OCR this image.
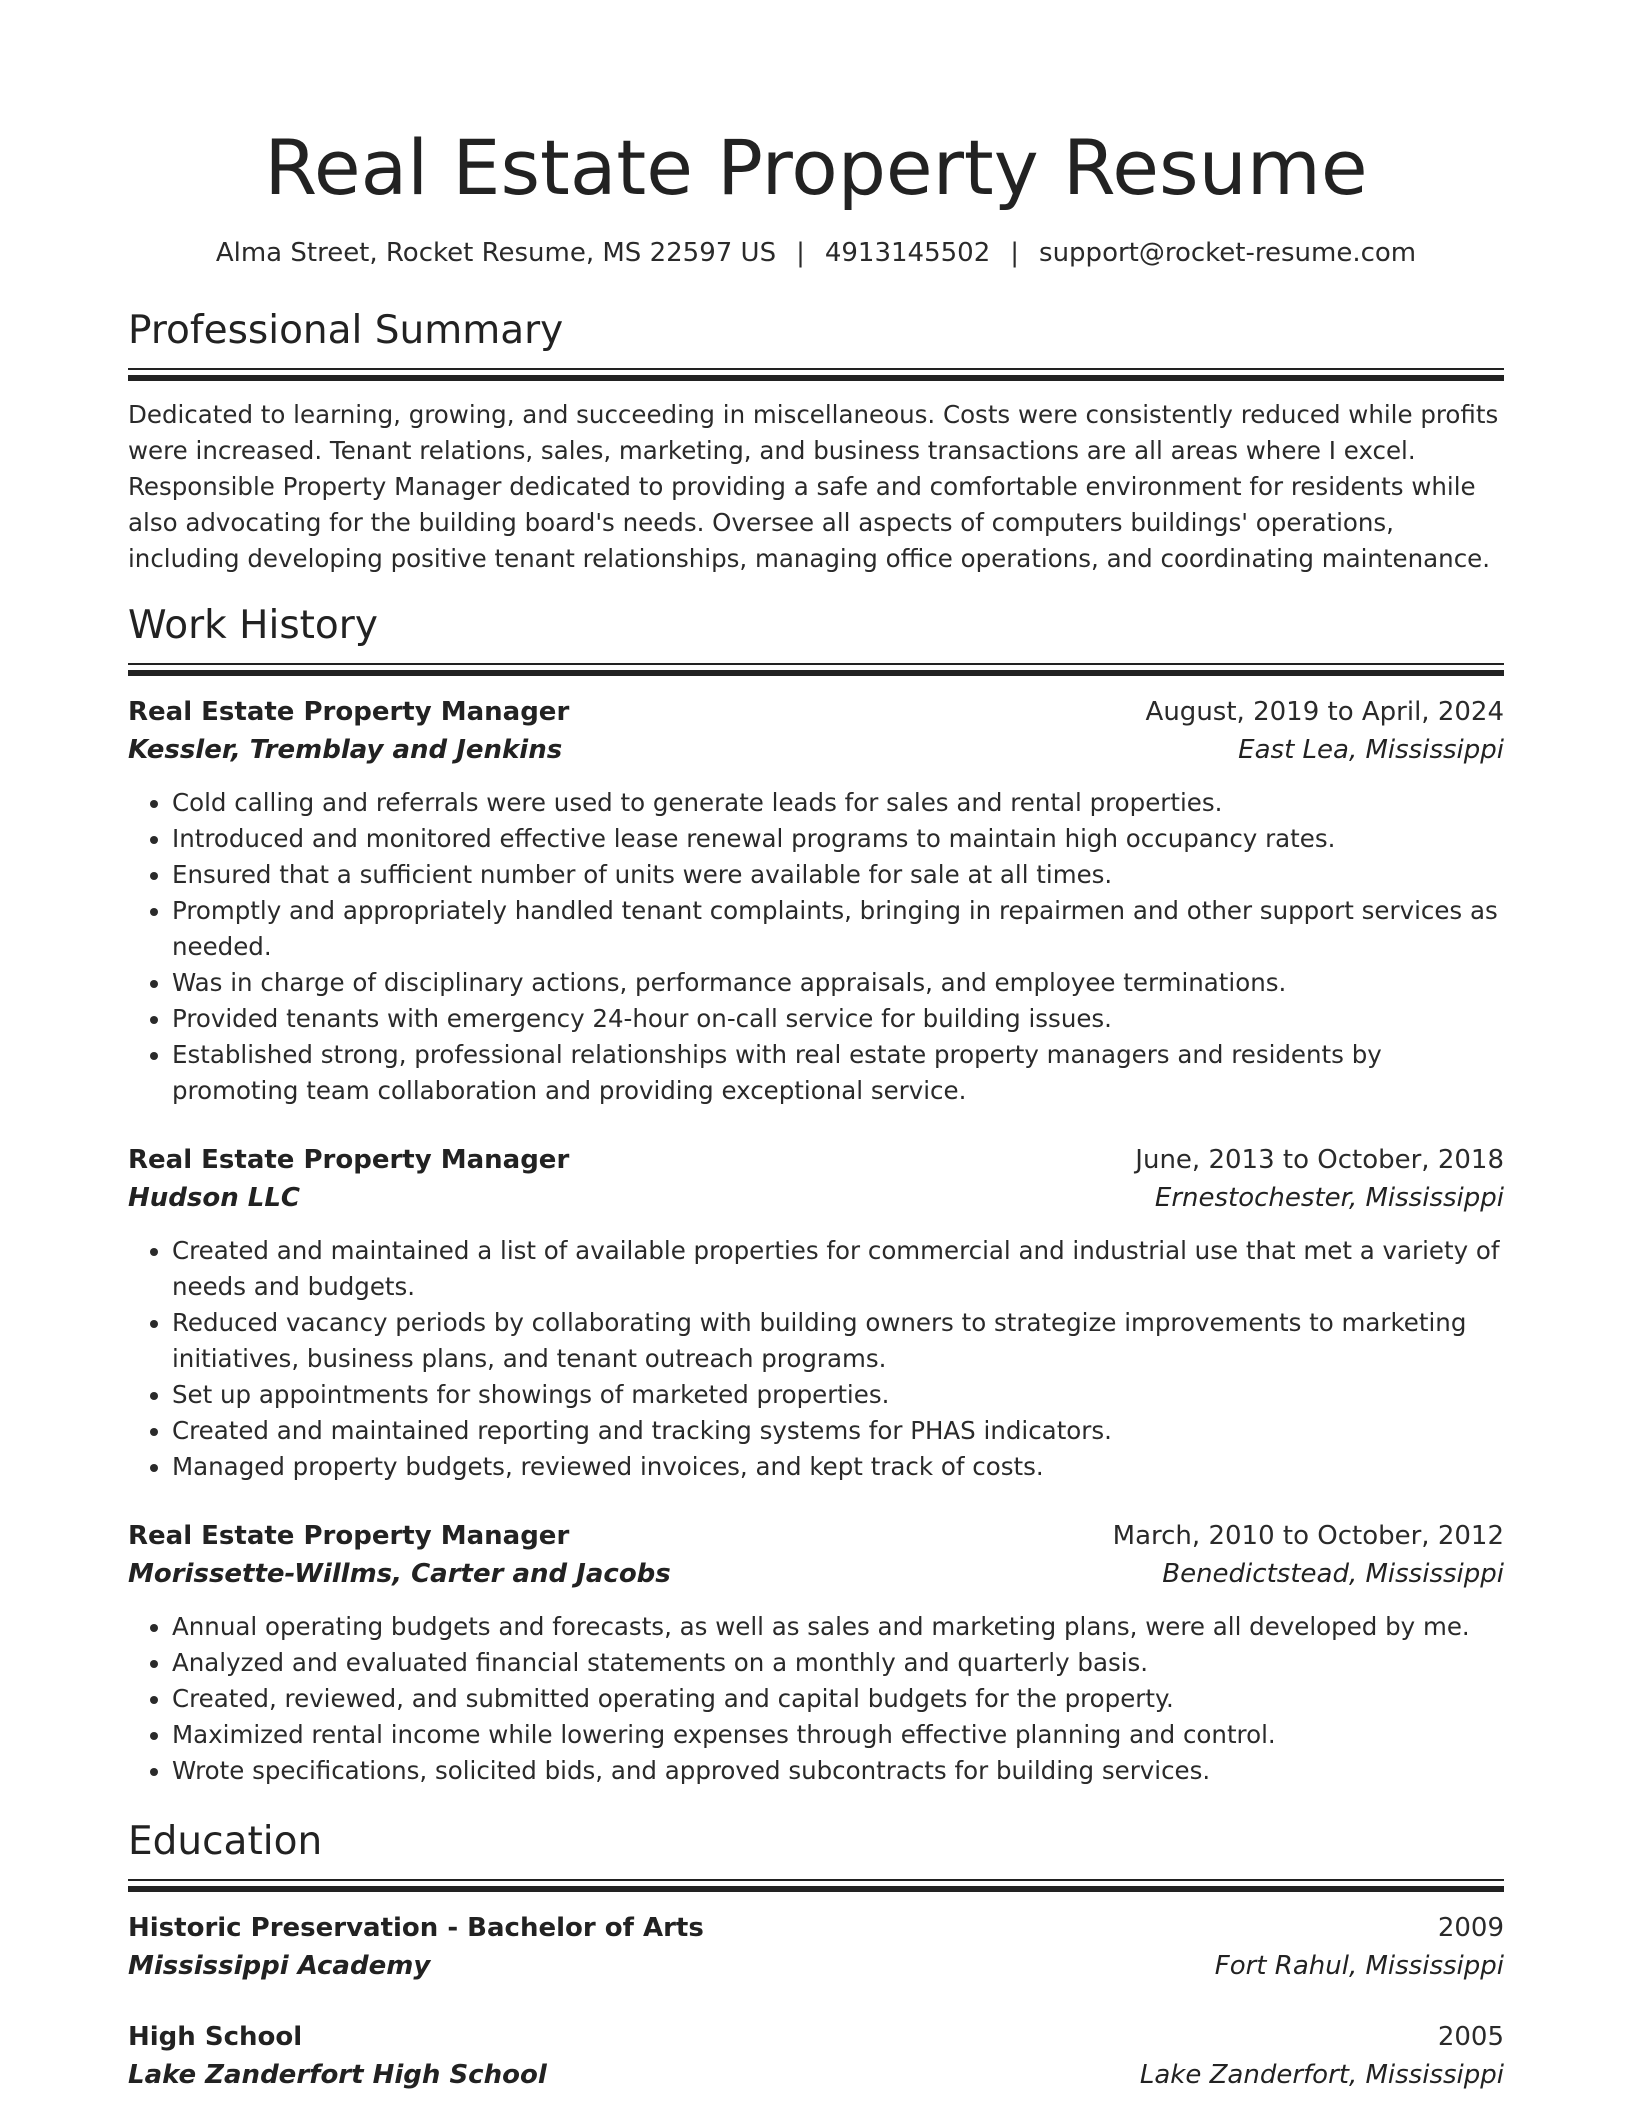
Real Estate Property Resume
Alma Street, Rocket Resume, MS 22597 US | 4913145502 | support@rocket-resume.com
Professional Summary

Dedicated to learning, growing, and succeeding in miscellaneous. Costs were consistently reduced while profits were increased. Tenant relations, sales, marketing, and business transactions are all areas where I excel. Responsible Property Manager dedicated to providing a safe and comfortable environment for residents while also advocating for the building board's needs. Oversee all aspects of computers buildings' operations, including developing positive tenant relationships, managing office operations, and coordinating maintenance.

Work History
Real Estate Property Manager	August, 2019 to April, 2024
Kessler, Tremblay and Jenkins	East Lea, Mississippi
• Cold calling and referrals were used to generate leads for sales and rental properties.
• Introduced and monitored effective lease renewal programs to maintain high occupancy rates.
• Ensured that a sufficient number of units were available for sale at all times.
• Promptly and appropriately handled tenant complaints, bringing in repairmen and other support services as needed.
• Was in charge of disciplinary actions, performance appraisals, and employee terminations.
• Provided tenants with emergency 24-hour on-call service for building issues.
• Established strong, professional relationships with real estate property managers and residents by promoting team collaboration and providing exceptional service.
Real Estate Property Manager	June, 2013 to October, 2018
Hudson LLC	Ernestochester, Mississippi
• Created and maintained a list of available properties for commercial and industrial use that met a variety of needs and budgets.
• Reduced vacancy periods by collaborating with building owners to strategize improvements to marketing initiatives, business plans, and tenant outreach programs.
• Set up appointments for showings of marketed properties.
• Created and maintained reporting and tracking systems for PHAS indicators.
• Managed property budgets, reviewed invoices, and kept track of costs.
Real Estate Property Manager	March, 2010 to October, 2012
Morissette-Willms, Carter and Jacobs	Benedictstead, Mississippi
• Annual operating budgets and forecasts, as well as sales and marketing plans, were all developed by me.
• Analyzed and evaluated financial statements on a monthly and quarterly basis.
• Created, reviewed, and submitted operating and capital budgets for the property.
• Maximized rental income while lowering expenses through effective planning and control.
• Wrote specifications, solicited bids, and approved subcontracts for building services.
Education
Historic Preservation - Bachelor of Arts	2009
Mississippi Academy	Fort Rahul, Mississippi
High School	2005
Lake Zanderfort High School	Lake Zanderfort, Mississippi
